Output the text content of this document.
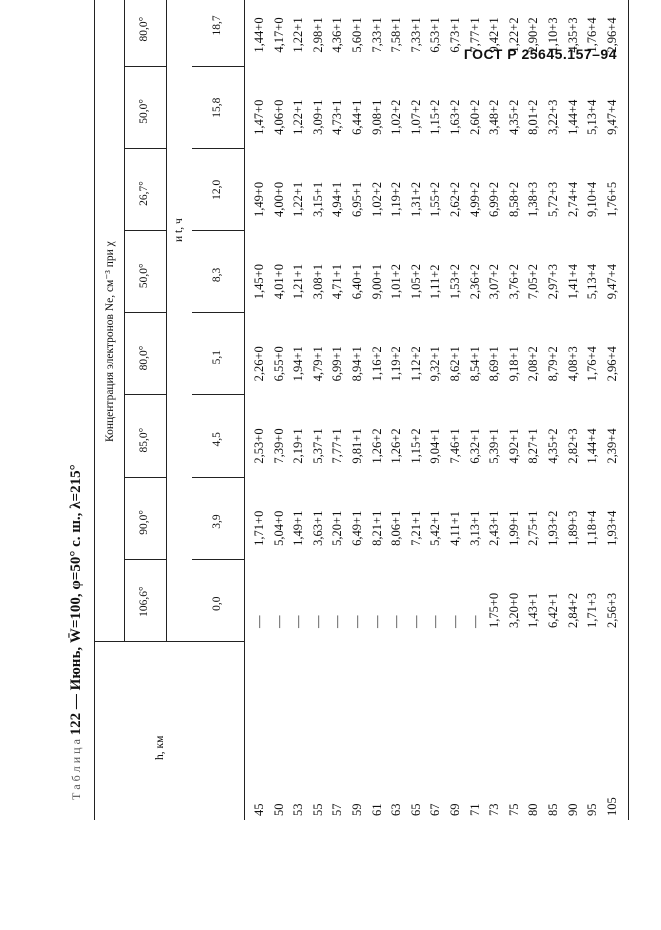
ГОСТ Р 25645.157–94
Т а б л и ц а 122 — Июнь, W̄=100, φ=50° с. ш., λ=215°
h, км
Концентрация электронов Ne, см⁻³ при χ
и t, ч
106,6°
90,0°
85,0°
80,0°
50,0°
26,7°
50,0°
80,0°
0,0
3,9
4,5
5,1
8,3
12,0
15,8
18,7
45 50 53 55 57 59 61 63 65 67 69 71 73 75 80 85 90 95 105
— — — — — — — — — — — — 1,75+0 3,20+0 1,43+1 6,42+1 2,84+2 1,71+3 2,56+3
1,71+0 5,04+0 1,49+1 3,63+1 5,20+1 6,49+1 8,21+1 8,06+1 7,21+1 5,42+1 4,11+1 3,13+1 2,43+1 1,99+1 2,75+1 1,93+2 1,89+3 1,18+4 1,93+4
2,53+0 7,39+0 2,19+1 5,37+1 7,77+1 9,81+1 1,26+2 1,26+2 1,15+2 9,04+1 7,46+1 6,32+1 5,39+1 4,92+1 8,27+1 4,35+2 2,82+3 1,44+4 2,39+4
2,26+0 6,55+0 1,94+1 4,79+1 6,99+1 8,94+1 1,16+2 1,19+2 1,12+2 9,32+1 8,62+1 8,54+1 8,69+1 9,18+1 2,08+2 8,79+2 4,08+3 1,76+4 2,96+4
1,45+0 4,01+0 1,21+1 3,08+1 4,71+1 6,40+1 9,00+1 1,01+2 1,05+2 1,11+2 1,53+2 2,36+2 3,07+2 3,76+2 7,05+2 2,97+3 1,41+4 5,13+4 9,47+4
1,49+0 4,00+0 1,22+1 3,15+1 4,94+1 6,95+1 1,02+2 1,19+2 1,31+2 1,55+2 2,62+2 4,99+2 6,99+2 8,58+2 1,38+3 5,72+3 2,74+4 9,10+4 1,76+5
1,47+0 4,06+0 1,22+1 3,09+1 4,73+1 6,44+1 9,08+1 1,02+2 1,07+2 1,15+2 1,63+2 2,60+2 3,48+2 4,35+2 8,01+2 3,22+3 1,44+4 5,13+4 9,47+4
1,44+0 4,17+0 1,22+1 2,98+1 4,36+1 5,60+1 7,33+1 7,58+1 7,33+1 6,53+1 6,73+1 7,77+1 9,42+1 1,22+2 2,90+2 1,10+3 4,35+3 1,76+4 2,96+4
